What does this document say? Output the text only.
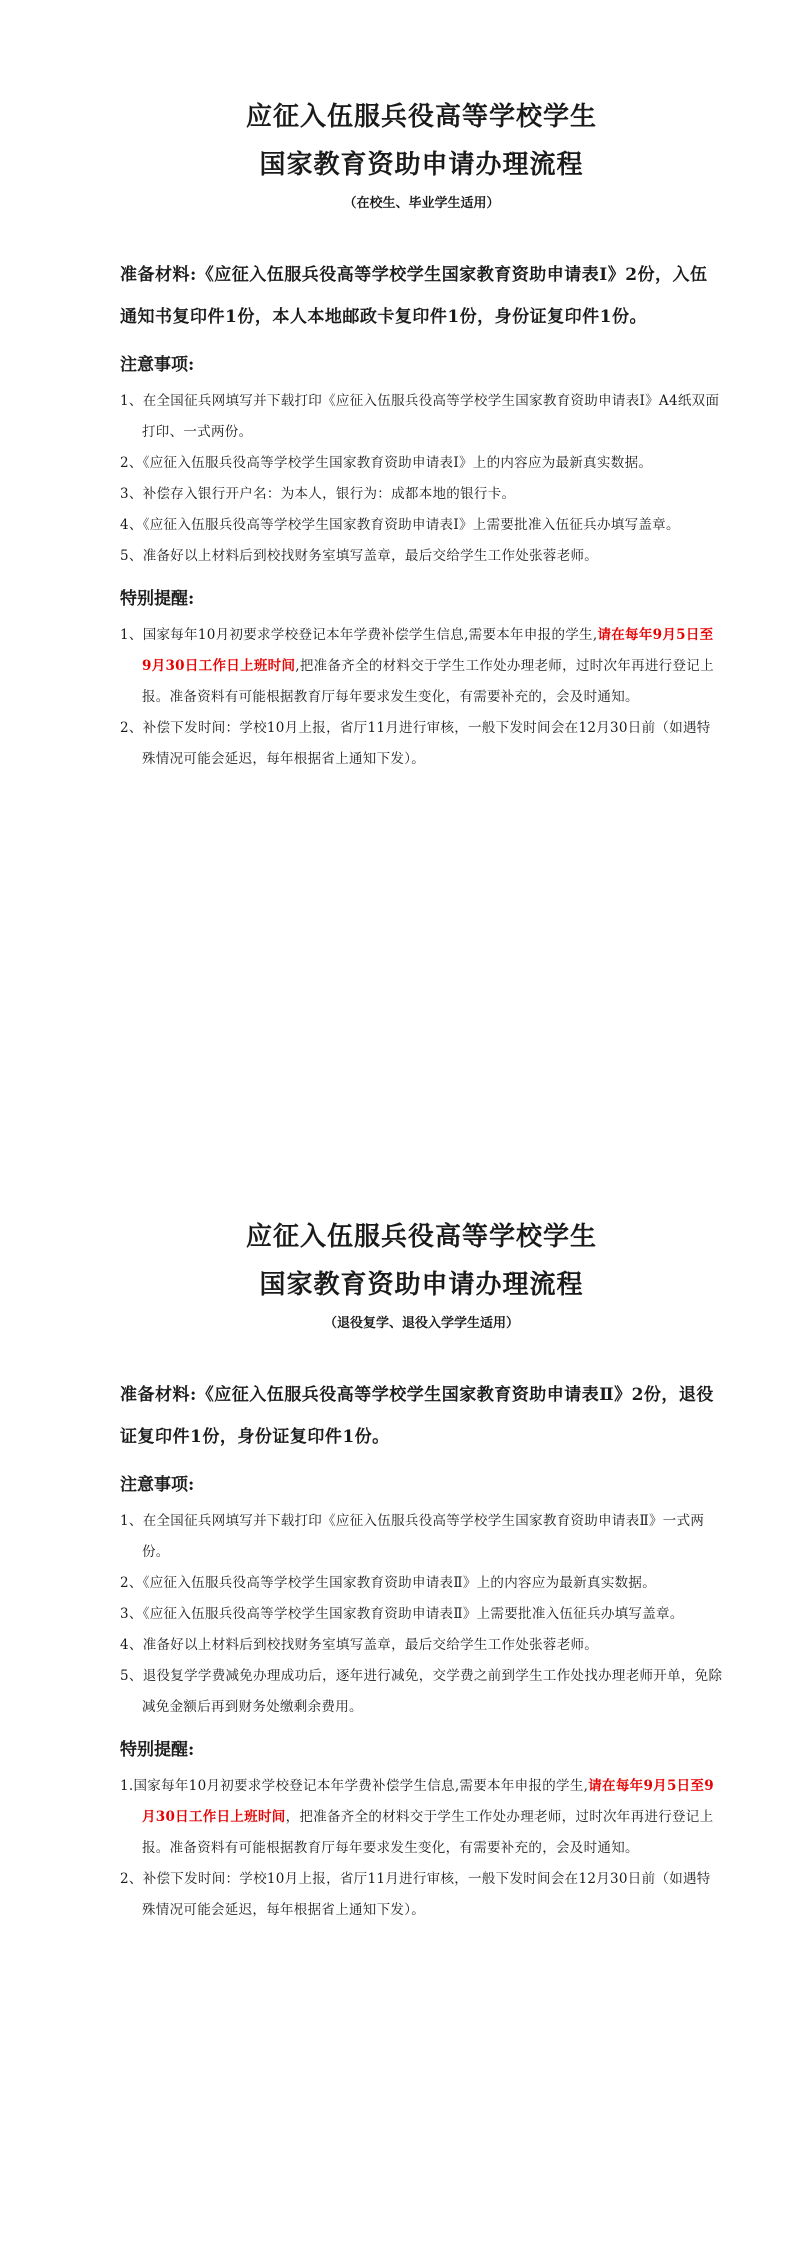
应征入伍服兵役高等学校学生
国家教育资助申请办理流程
（在校生、毕业学生适用）
准备材料:《应征入伍服兵役高等学校学生国家教育资助申请表Ⅰ》2份，入伍通知书复印件1份，本人本地邮政卡复印件1份，身份证复印件1份。
注意事项:
1、在全国征兵网填写并下载打印《应征入伍服兵役高等学校学生国家教育资助申请表Ⅰ》A4纸双面打印、一式两份。
2、《应征入伍服兵役高等学校学生国家教育资助申请表Ⅰ》上的内容应为最新真实数据。
3、补偿存入银行开户名：为本人，银行为：成都本地的银行卡。
4、《应征入伍服兵役高等学校学生国家教育资助申请表Ⅰ》上需要批准入伍征兵办填写盖章。
5、准备好以上材料后到校找财务室填写盖章，最后交给学生工作处张蓉老师。
特别提醒:
1、国家每年10月初要求学校登记本年学费补偿学生信息,需要本年申报的学生,请在每年9月5日至9月30日工作日上班时间,把准备齐全的材料交于学生工作处办理老师，过时次年再进行登记上报。准备资料有可能根据教育厅每年要求发生变化，有需要补充的，会及时通知。
2、补偿下发时间：学校10月上报，省厅11月进行审核，一般下发时间会在12月30日前（如遇特殊情况可能会延迟，每年根据省上通知下发）。
应征入伍服兵役高等学校学生
国家教育资助申请办理流程
（退役复学、退役入学学生适用）
准备材料:《应征入伍服兵役高等学校学生国家教育资助申请表Ⅱ》2份，退役证复印件1份，身份证复印件1份。
注意事项:
1、在全国征兵网填写并下载打印《应征入伍服兵役高等学校学生国家教育资助申请表Ⅱ》一式两份。
2、《应征入伍服兵役高等学校学生国家教育资助申请表Ⅱ》上的内容应为最新真实数据。
3、《应征入伍服兵役高等学校学生国家教育资助申请表Ⅱ》上需要批准入伍征兵办填写盖章。
4、准备好以上材料后到校找财务室填写盖章，最后交给学生工作处张蓉老师。
5、退役复学学费减免办理成功后，逐年进行减免，交学费之前到学生工作处找办理老师开单，免除减免金额后再到财务处缴剩余费用。
特别提醒:
1.国家每年10月初要求学校登记本年学费补偿学生信息,需要本年申报的学生,请在每年9月5日至9月30日工作日上班时间，把准备齐全的材料交于学生工作处办理老师，过时次年再进行登记上报。准备资料有可能根据教育厅每年要求发生变化，有需要补充的，会及时通知。
2、补偿下发时间：学校10月上报，省厅11月进行审核，一般下发时间会在12月30日前（如遇特殊情况可能会延迟，每年根据省上通知下发）。
